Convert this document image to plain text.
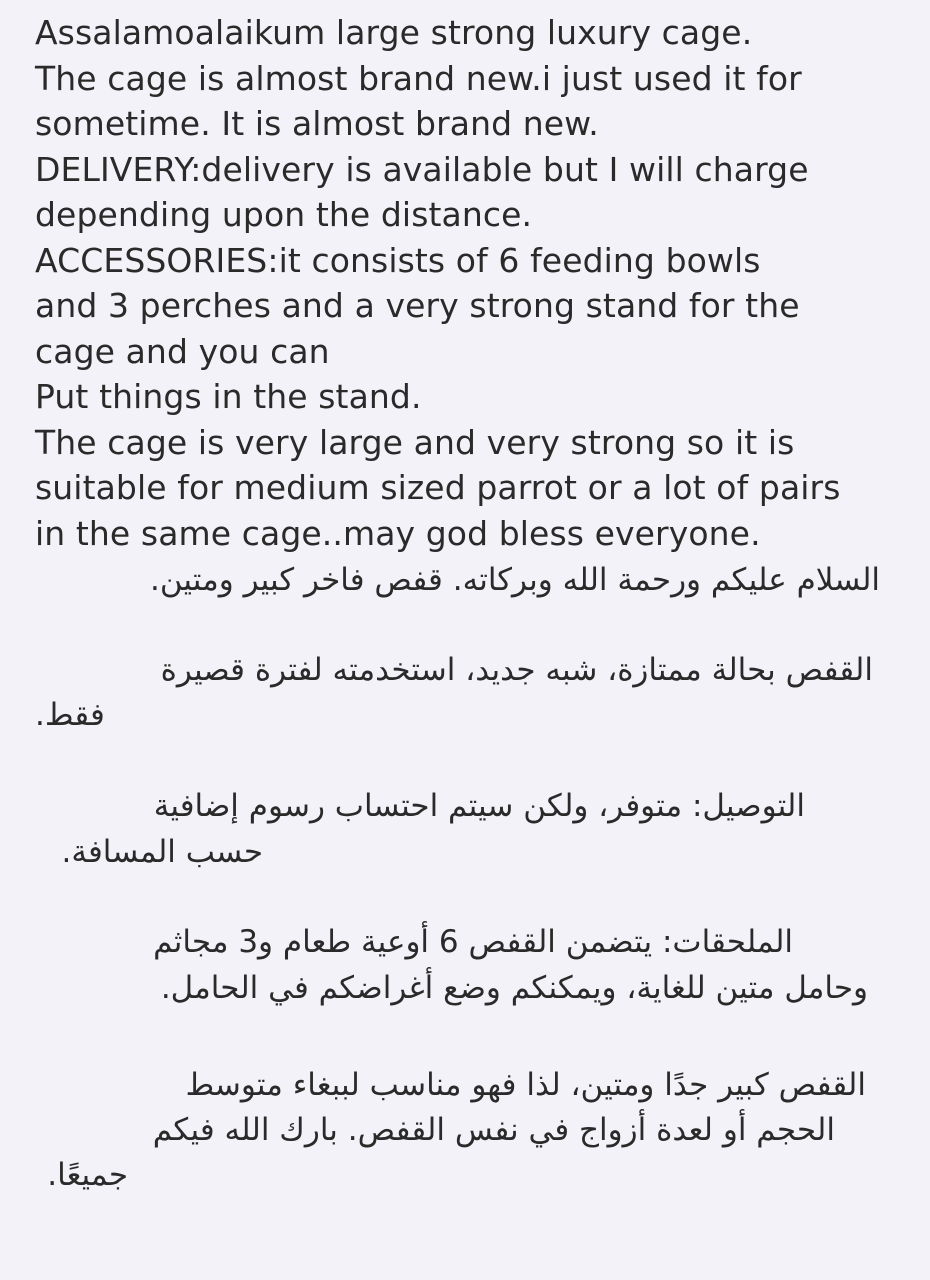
Assalamoalaikum large strong luxury cage.
The cage is almost brand new.i just used it for
sometime. It is almost brand new.
DELIVERY:delivery is available but I will charge
depending upon the distance.
ACCESSORIES:it consists of 6 feeding bowls
and 3 perches and a very strong stand for the
cage and you can
Put things in the stand.
The cage is very large and very strong so it is
suitable for medium sized parrot or a lot of pairs
in the same cage..may god bless everyone.
السلام عليكم ورحمة الله وبركاته. قفص فاخر كبير ومتين.
القفص بحالة ممتازة، شبه جديد، استخدمته لفترة قصيرة
فقط.
التوصيل: متوفر، ولكن سيتم احتساب رسوم إضافية
حسب المسافة.
الملحقات: يتضمن القفص 6 أوعية طعام و3 مجاثم
وحامل متين للغاية، ويمكنكم وضع أغراضكم في الحامل.
القفص كبير جدًا ومتين، لذا فهو مناسب لببغاء متوسط
الحجم أو لعدة أزواج في نفس القفص. بارك الله فيكم
جميعًا.
